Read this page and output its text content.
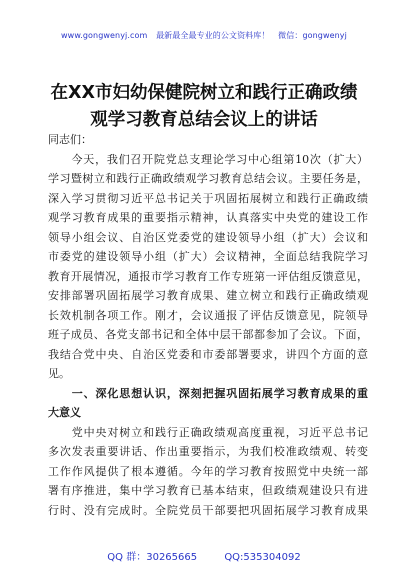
www.gongwenyj.com 最新最全最专业的公文资料库！ 微信：gongwenyj
在XX市妇幼保健院树立和践行正确政绩
观学习教育总结会议上的讲话
同志们：
　　今天，我们召开院党总支理论学习中心组第10次（扩大）
学习暨树立和践行正确政绩观学习教育总结会议。主要任务是，
深入学习贯彻习近平总书记关于巩固拓展树立和践行正确政绩
观学习教育成果的重要指示精神，认真落实中央党的建设工作
领导小组会议、自治区党委党的建设领导小组（扩大）会议和
市委党的建设领导小组（扩大）会议精神，全面总结我院学习
教育开展情况，通报市学习教育工作专班第一评估组反馈意见，
安排部署巩固拓展学习教育成果、建立树立和践行正确政绩观
长效机制各项工作。刚才，会议通报了评估反馈意见，院领导
班子成员、各党支部书记和全体中层干部都参加了会议。下面，
我结合党中央、自治区党委和市委部署要求，讲四个方面的意
见。
　　一、深化思想认识，深刻把握巩固拓展学习教育成果的重
大意义
　　党中央对树立和践行正确政绩观高度重视，习近平总书记
多次发表重要讲话、作出重要指示，为我们校准政绩观、转变
工作作风提供了根本遵循。今年的学习教育按照党中央统一部
署有序推进，集中学习教育已基本结束，但政绩观建设只有进
行时、没有完成时。全院党员干部要把巩固拓展学习教育成果
QQ 群：30265665	QQ:535304092
